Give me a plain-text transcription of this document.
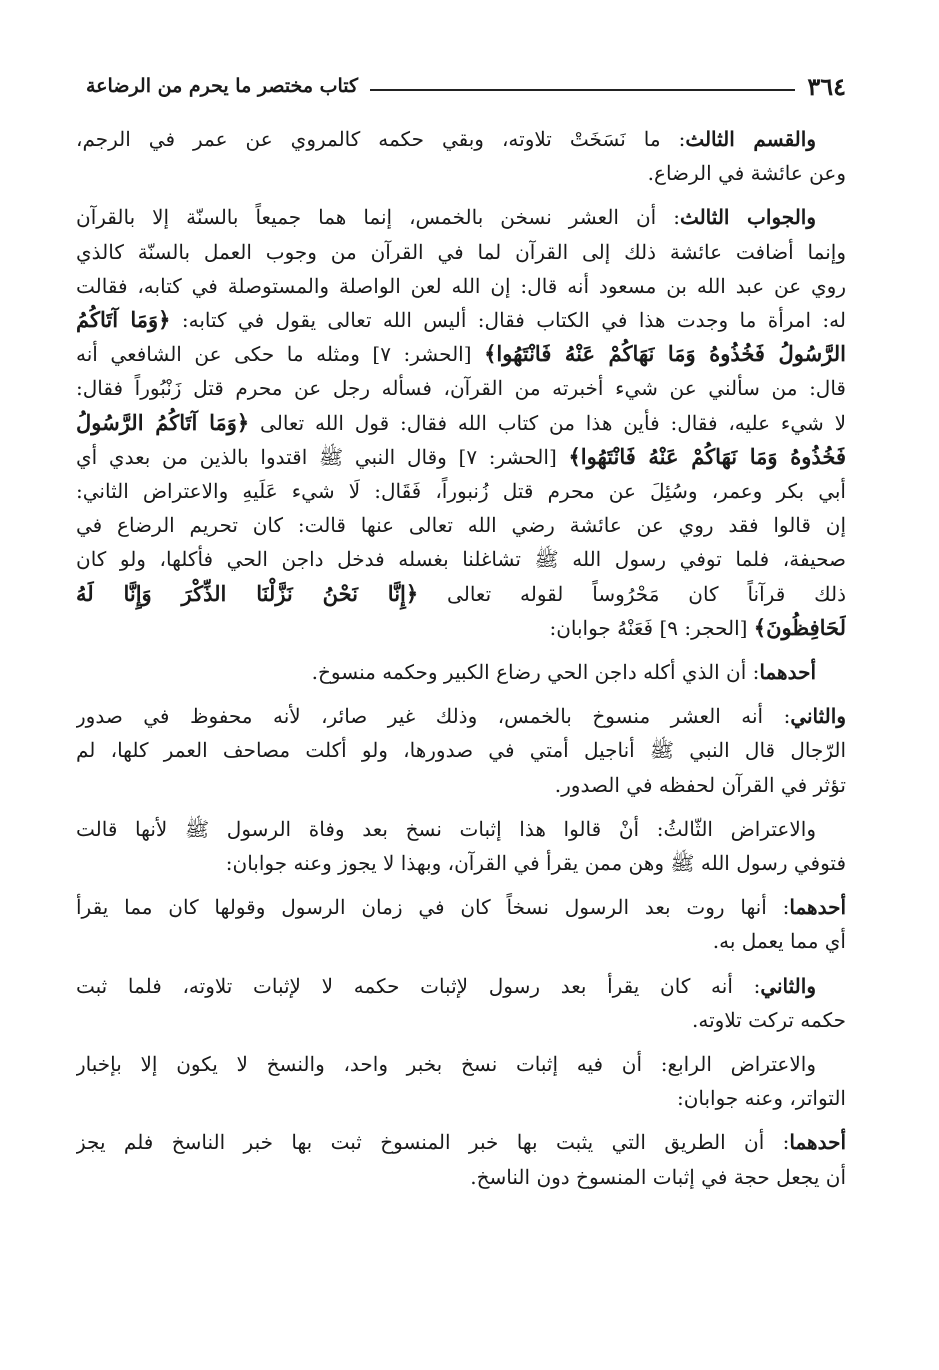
٣٦٤
كتاب مختصر ما يحرم من الرضاعة
والقسم الثالث: ما نَسَخَتْ تلاوته، وبقي حكمه كالمروي عن عمر في الرجم،
وعن عائشة في الرضاع.
والجواب الثالث: أن العشر نسخن بالخمس، إنما هما جميعاً بالسنّة إلا بالقرآن
وإنما أضافت عائشة ذلك إلى القرآن لما في القرآن من وجوب العمل بالسنّة كالذي
روي عن عبد الله بن مسعود أنه قال: إن الله لعن الواصلة والمستوصلة في كتابه، فقالت
له: امرأة ما وجدت هذا في الكتاب فقال: أليس الله تعالى يقول في كتابه: ﴿وَمَا آتَاكُمُ
الرَّسُولُ فَخُذُوهُ وَمَا نَهَاكُمْ عَنْهُ فَانْتَهُوا﴾ [الحشر: ٧] ومثله ما حكى عن الشافعي أنه
قال: من سألني عن شيء أخبرته من القرآن، فسأله رجل عن محرم قتل زَنْبُوراً فقال:
لا شيء عليه، فقال: فأين هذا من كتاب الله فقال: قول الله تعالى ﴿وَمَا آتَاكُمُ الرَّسُولُ
فَخُذُوهُ وَمَا نَهَاكُمْ عَنْهُ فَانْتَهُوا﴾ [الحشر: ٧] وقال النبي ﷺ اقتدوا بالذين من بعدي أي
أبي بكر وعمر، وسُئِلَ عن محرم قتل زُنبوراً، فَقَال: لَا شيء عَلَيهِ والاعتراض الثاني:
إن قالوا فقد روي عن عائشة رضي الله تعالى عنها قالت: كان تحريم الرضاع في
صحيفة، فلما توفي رسول الله ﷺ تشاغلنا بغسله فدخل داجن الحي فأكلها، ولو كان
ذلك قرآناً كان مَحْرُوساً لقوله تعالى ﴿إِنَّا نَحْنُ نَزَّلْنَا الذِّكْرَ وَإِنَّا لَهُ
لَحَافِظُونَ﴾ [الحجر: ٩] فَعَنْهُ جوابان:
أحدهما: أن الذي أكله داجن الحي رضاع الكبير وحكمه منسوخ.
والثاني: أنه العشر منسوخ بالخمس، وذلك غير صائر، لأنه محفوظ في صدور
الرّجال قال النبي ﷺ أناجيل أمتي في صدورها، ولو أكلت مصاحف العمر كلها، لم
تؤثر في القرآن لحفظه في الصدور.
والاعتراض الثّالثُ: أنْ قالوا هذا إثبات نسخ بعد وفاة الرسول ﷺ لأنها قالت
فتوفي رسول الله ﷺ وهن ممن يقرأ في القرآن، وبهذا لا يجوز وعنه جوابان:
أحدهما: أنها روت بعد الرسول نسخاً كان في زمان الرسول وقولها كان مما يقرأ
أي مما يعمل به.
والثاني: أنه كان يقرأ بعد رسول لإثبات حكمه لا لإثبات تلاوته، فلما ثبت
حكمه تركت تلاوته.
والاعتراض الرابع: أن فيه إثبات نسخ بخبر واحد، والنسخ لا يكون إلا بإخبار
التواتر، وعنه جوابان:
أحدهما: أن الطريق التي يثبت بها خبر المنسوخ ثبت بها خبر الناسخ فلم يجز
أن يجعل حجة في إثبات المنسوخ دون الناسخ.
